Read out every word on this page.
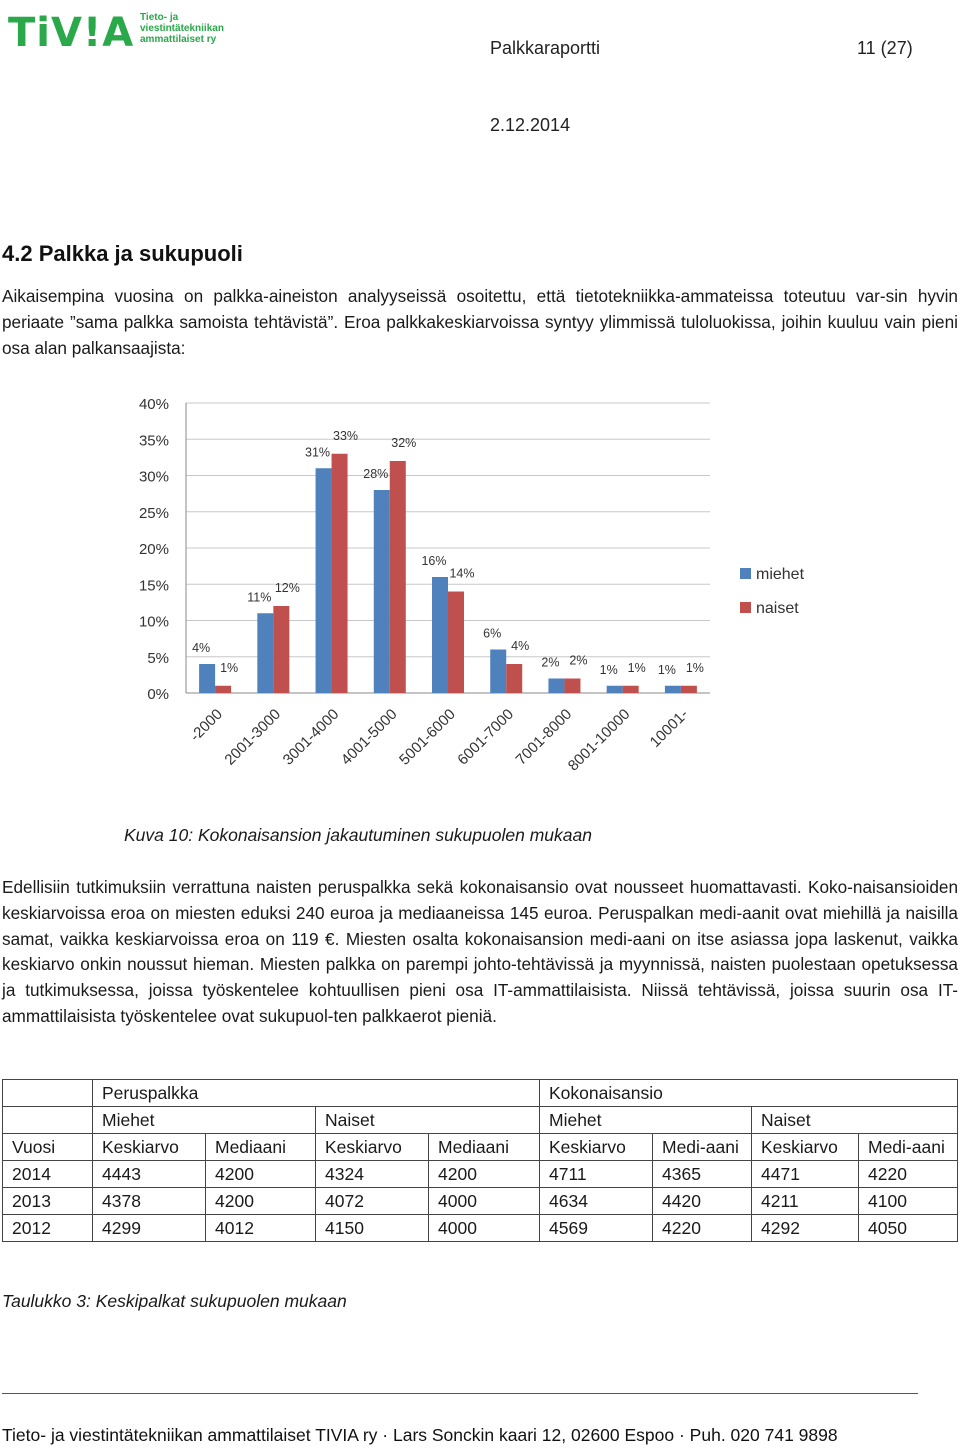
TiV!A Tieto- ja viestintätekniikan ammattilaiset ry	Palkkaraportti	11 (27)
2.12.2014
4.2 Palkka ja sukupuoli
Aikaisempina vuosina on palkka-aineiston analyyseissä osoitettu, että tietotekniikka-ammateissa toteutuu var-sin hyvin periaate ”sama palkka samoista tehtävistä”. Eroa palkkakeskiarvoissa syntyy ylimmissä tuloluokissa, joihin kuuluu vain pieni osa alan palkansaajista:
0%
5%
10%
15%
20%
25%
30%
35%
40%
4%
1%
-2000
11%
12%
2001-3000
31%
33%
3001-4000
28%
32%
4001-5000
16%
14%
5001-6000
6%
4%
6001-7000
2% 2%
7001-8000
1% 1%
8001-10000
1% 1%
10001-
miehet
naiset
Kuva 10: Kokonaisansion jakautuminen sukupuolen mukaan
Edellisiin tutkimuksiin verrattuna naisten peruspalkka sekä kokonaisansio ovat nousseet huomattavasti. Koko-naisansioiden keskiarvoissa eroa on miesten eduksi 240 euroa ja mediaaneissa 145 euroa. Peruspalkan medi-aanit ovat miehillä ja naisilla samat, vaikka keskiarvoissa eroa on 119 €. Miesten osalta kokonaisansion medi-aani on itse asiassa jopa laskenut, vaikka keskiarvo onkin noussut hieman. Miesten palkka on parempi johto-tehtävissä ja myynnissä, naisten puolestaan opetuksessa ja tutkimuksessa, joissa työskentelee kohtuullisen pieni osa IT-ammattilaisista. Niissä tehtävissä, joissa suurin osa IT-ammattilaisista työskentelee ovat sukupuol-ten palkkaerot pieniä.
	Peruspalkka				Kokonaisansio			
	Miehet		Naiset		Miehet		Naiset	
Vuosi	Keskiarvo	Mediaani	Keskiarvo	Mediaani	Keskiarvo	Medi-aani	Keskiarvo	Medi-aani
2014	4443	4200	4324	4200	4711	4365	4471	4220
2013	4378	4200	4072	4000	4634	4420	4211	4100
2012	4299	4012	4150	4000	4569	4220	4292	4050
Taulukko 3: Keskipalkat sukupuolen mukaan
Tieto- ja viestintätekniikan ammattilaiset TIVIA ry · Lars Sonckin kaari 12, 02600 Espoo · Puh. 020 741 9898
